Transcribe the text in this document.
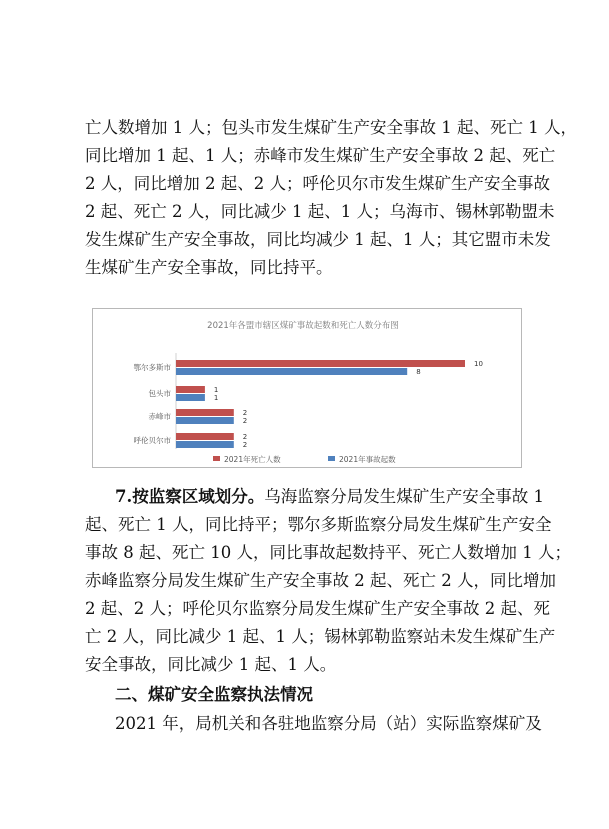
亡人数增加 1 人；包头市发生煤矿生产安全事故 1 起、死亡 1 人，
同比增加 1 起、1 人；赤峰市发生煤矿生产安全事故 2 起、死亡
2 人，同比增加 2 起、2 人；呼伦贝尔市发生煤矿生产安全事故
2 起、死亡 2 人，同比减少 1 起、1 人；乌海市、锡林郭勒盟未
发生煤矿生产安全事故，同比均减少 1 起、1 人；其它盟市未发
生煤矿生产安全事故，同比持平。
2021年各盟市辖区煤矿事故起数和死亡人数分布图
鄂尔多斯市	10
8
包头市	1
1
赤峰市	2
2
呼伦贝尔市	2
2
2021年死亡人数	2021年事故起数
7.按监察区域划分。乌海监察分局发生煤矿生产安全事故 1
起、死亡 1 人，同比持平；鄂尔多斯监察分局发生煤矿生产安全
事故 8 起、死亡 10 人，同比事故起数持平、死亡人数增加 1 人；
赤峰监察分局发生煤矿生产安全事故 2 起、死亡 2 人，同比增加
2 起、2 人；呼伦贝尔监察分局发生煤矿生产安全事故 2 起、死
亡 2 人，同比减少 1 起、1 人；锡林郭勒监察站未发生煤矿生产
安全事故，同比减少 1 起、1 人。
二、煤矿安全监察执法情况
2021 年，局机关和各驻地监察分局（站）实际监察煤矿及
